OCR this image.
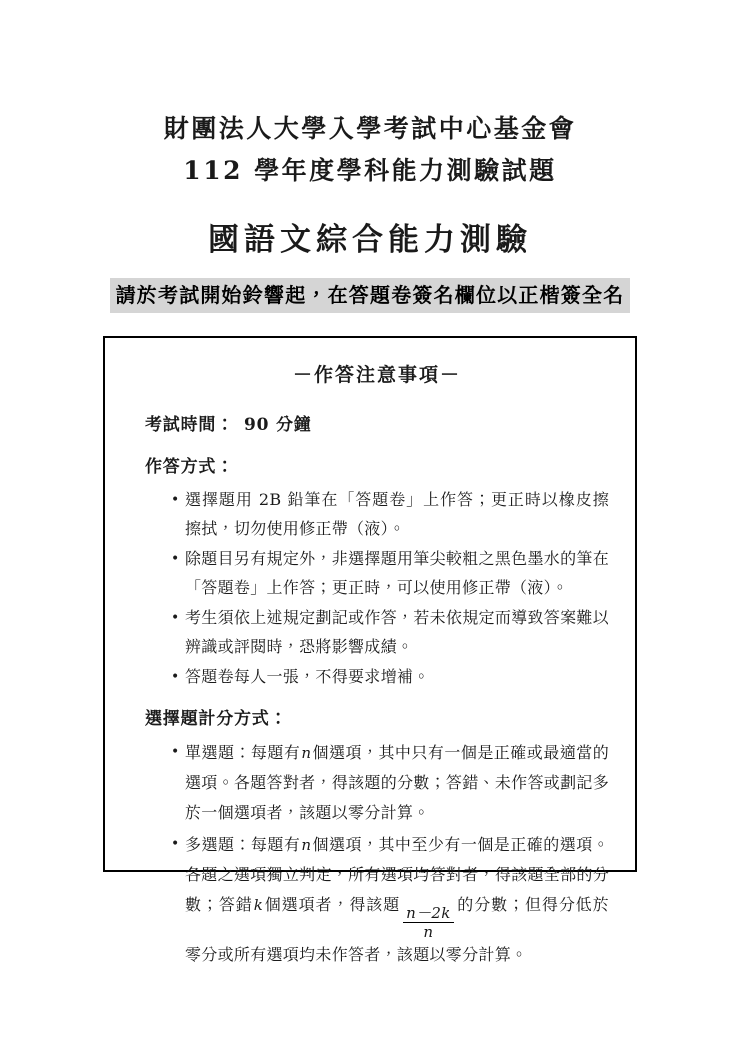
財團法人大學入學考試中心基金會
112 學年度學科能力測驗試題
國語文綜合能力測驗
請於考試開始鈴響起，在答題卷簽名欄位以正楷簽全名
－作答注意事項－
考試時間： 90 分鐘
作答方式：
• 選擇題用 2B 鉛筆在「答題卷」上作答；更正時以橡皮擦擦拭，切勿使用修正帶（液）。
• 除題目另有規定外，非選擇題用筆尖較粗之黑色墨水的筆在「答題卷」上作答；更正時，可以使用修正帶（液）。
• 考生須依上述規定劃記或作答，若未依規定而導致答案難以辨識或評閱時，恐將影響成績。
• 答題卷每人一張，不得要求增補。
選擇題計分方式：
• 單選題：每題有n個選項，其中只有一個是正確或最適當的選項。各題答對者，得該題的分數；答錯、未作答或劃記多於一個選項者，該題以零分計算。
• 多選題：每題有n個選項，其中至少有一個是正確的選項。各題之選項獨立判定，所有選項均答對者，得該題全部的分數；答錯k個選項者，得該題
$\frac{n-2k}{n}$
的分數；但得分低於零分或所有選項均未作答者，該題以零分計算。
